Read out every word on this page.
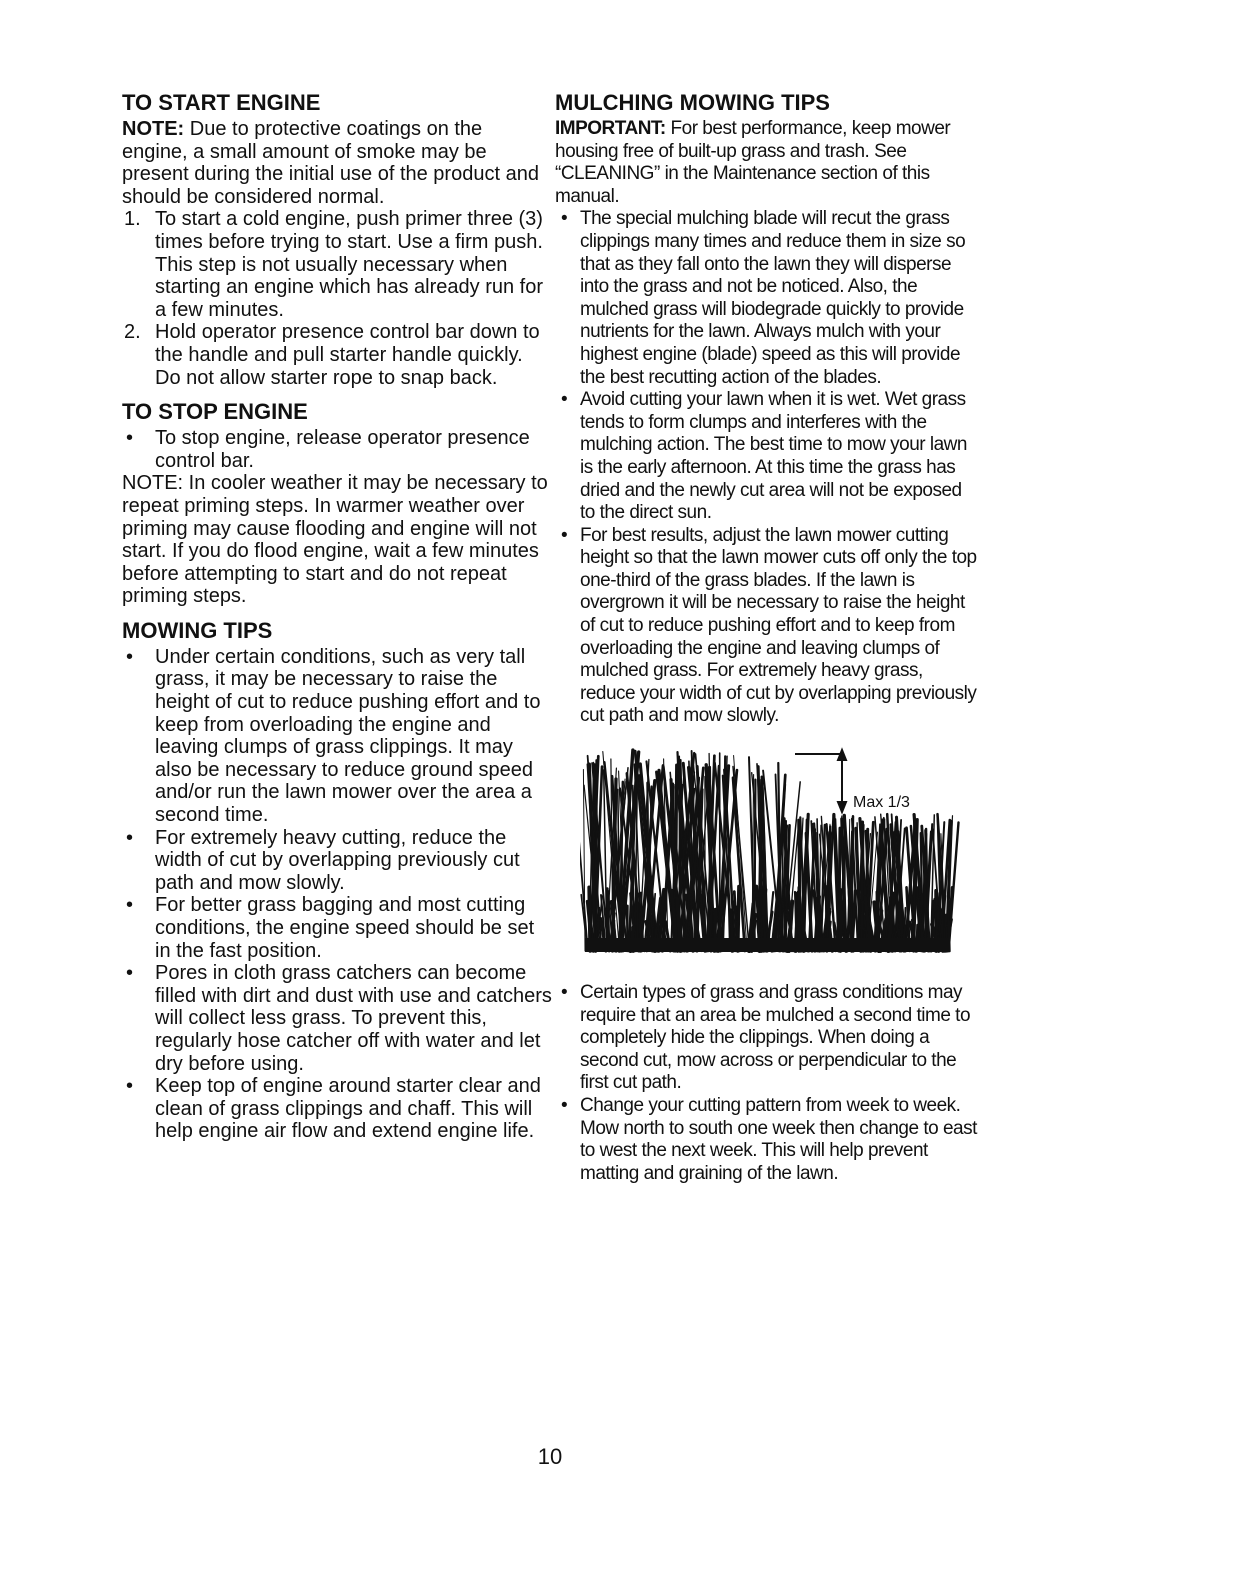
TO START ENGINE

NOTE: Due to protective coatings on the engine, a small amount of smoke may be present during the initial use of the product and should be considered normal.

1. To start a cold engine, push primer three (3) times before trying to start. Use a firm push. This step is not usually necessary when starting an engine which has already run for a few minutes.
2. Hold operator presence control bar down to the handle and pull starter handle quickly. Do not allow starter rope to snap back.
TO STOP ENGINE
•	To stop engine, release operator presence control bar.

NOTE: In cooler weather it may be necessary to repeat priming steps. In warmer weather over priming may cause flooding and engine will not start. If you do flood engine, wait a few minutes before attempting to start and do not repeat priming steps.

MOWING TIPS
•	Under certain conditions, such as very tall grass, it may be necessary to raise the height of cut to reduce pushing effort and to keep from overloading the engine and leaving clumps of grass clippings. It may also be necessary to reduce ground speed and/or run the lawn mower over the area a second time.
•	For extremely heavy cutting, reduce the width of cut by overlapping previously cut path and mow slowly.
•	For better grass bagging and most cutting conditions, the engine speed should be set in the fast position.
•	Pores in cloth grass catchers can become filled with dirt and dust with use and catchers will collect less grass. To prevent this, regularly hose catcher off with water and let dry before using.
•	Keep top of engine around starter clear and clean of grass clippings and chaff. This will help engine air flow and extend engine life.
MULCHING MOWING TIPS

IMPORTANT: For best performance, keep mower housing free of built-up grass and trash. See “CLEANING” in the Maintenance section of this manual.

• The special mulching blade will recut the grass clippings many times and reduce them in size so that as they fall onto the lawn they will disperse into the grass and not be noticed. Also, the mulched grass will biodegrade quickly to provide nutrients for the lawn. Always mulch with your highest engine (blade) speed as this will provide the best recutting action of the blades.
• Avoid cutting your lawn when it is wet. Wet grass tends to form clumps and interferes with the mulching action. The best time to mow your lawn is the early afternoon. At this time the grass has dried and the newly cut area will not be exposed to the direct sun.
• For best results, adjust the lawn mower cutting height so that the lawn mower cuts off only the top one-third of the grass blades. If the lawn is overgrown it will be necessary to raise the height of cut to reduce pushing effort and to keep from overloading the engine and leaving clumps of mulched grass. For extremely heavy grass, reduce your width of cut by overlapping previously cut path and mow slowly.
Max 1/3
• Certain types of grass and grass conditions may require that an area be mulched a second time to completely hide the clippings. When doing a second cut, mow across or perpendicular to the first cut path.
• Change your cutting pattern from week to week. Mow north to south one week then change to east to west the next week. This will help prevent matting and graining of the lawn.
10
